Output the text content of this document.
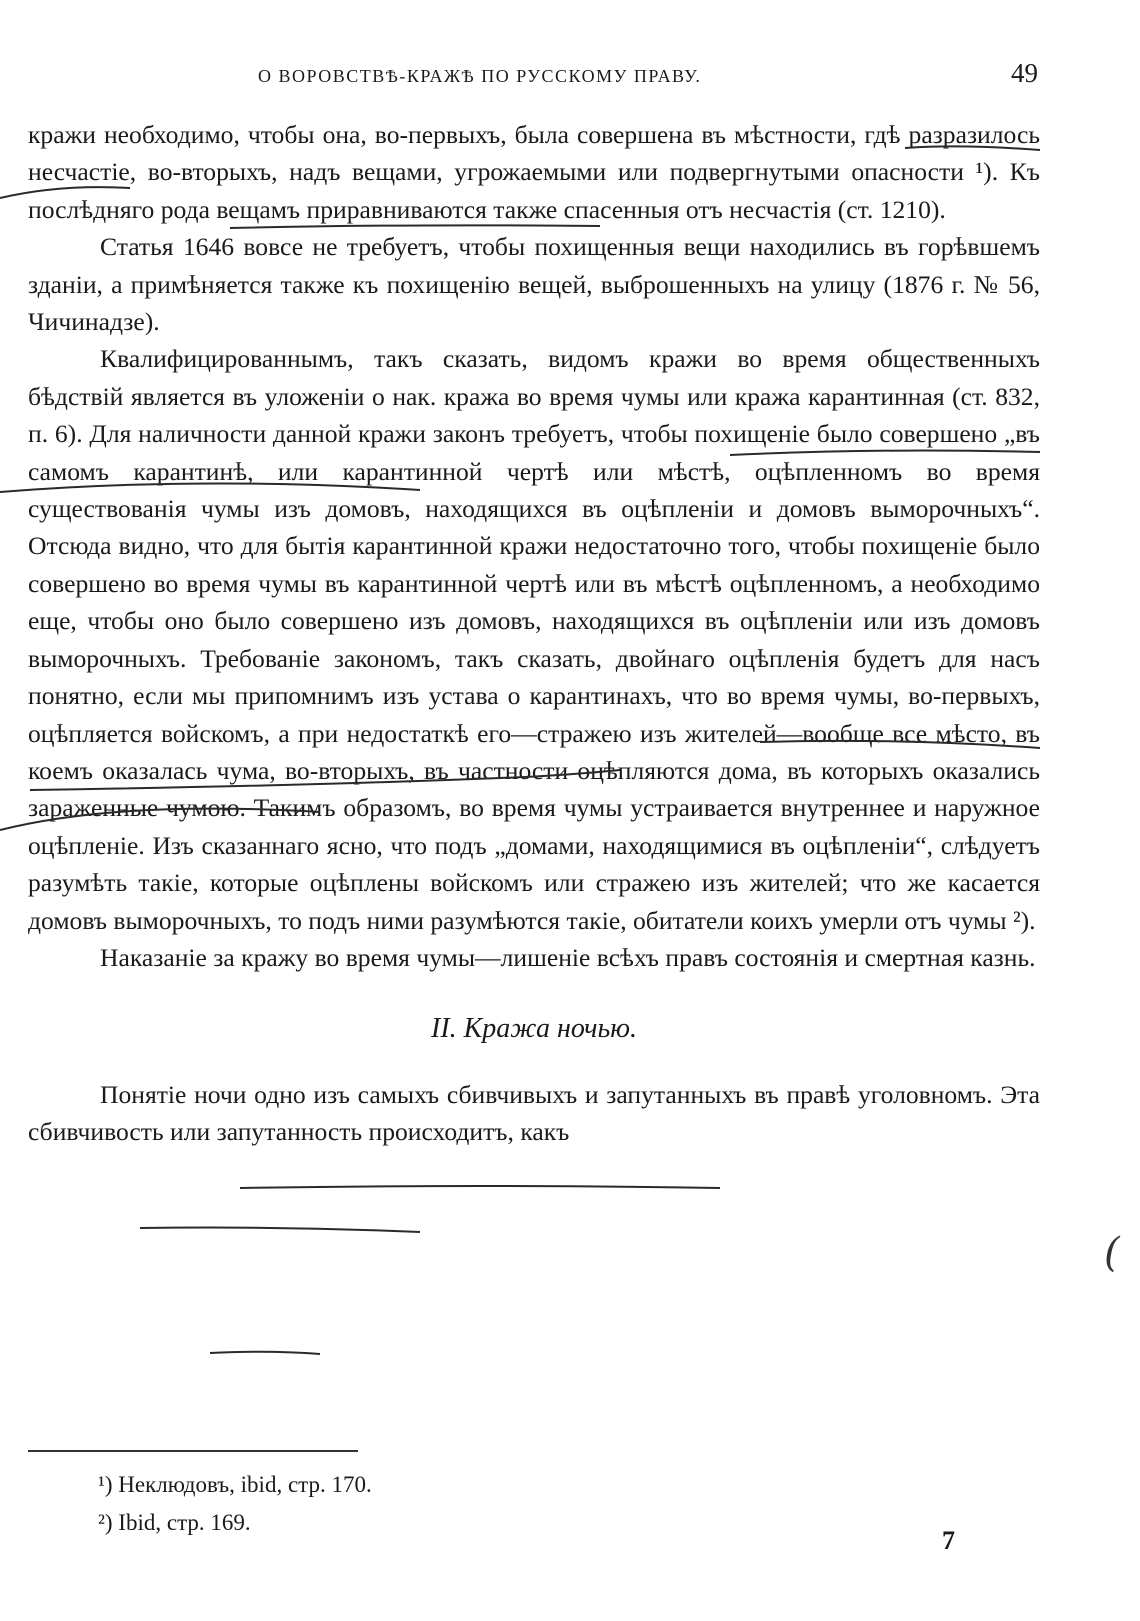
О ВОРОВСТВѢ-КРАЖѢ ПО РУССКОМУ ПРАВУ.	49

кражи необходимо, чтобы она, во-первыхъ, была совершена въ мѣстности, гдѣ разразилось несчастіе, во-вторыхъ, надъ вещами, угрожаемыми или подвергнутыми опасности ¹). Къ послѣдняго рода вещамъ приравниваются также спасенныя отъ несчастія (ст. 1210).

Статья 1646 вовсе не требуетъ, чтобы похищенныя вещи находились въ горѣвшемъ зданіи, а примѣняется также къ похищенію вещей, выброшенныхъ на улицу (1876 г. № 56, Чичинадзе).

Квалифицированнымъ, такъ сказать, видомъ кражи во время общественныхъ бѣдствій является въ уложеніи о нак. кража во время чумы или кража карантинная (ст. 832, п. 6). Для наличности данной кражи законъ требуетъ, чтобы похищеніе было совершено „въ самомъ карантинѣ, или карантинной чертѣ или мѣстѣ, оцѣпленномъ во время существованія чумы изъ домовъ, находящихся въ оцѣпленіи и домовъ выморочныхъ“. Отсюда видно, что для бытія карантинной кражи недостаточно того, чтобы похищеніе было совершено во время чумы въ карантинной чертѣ или въ мѣстѣ оцѣпленномъ, а необходимо еще, чтобы оно было совершено изъ домовъ, находящихся въ оцѣпленіи или изъ домовъ выморочныхъ. Требованіе закономъ, такъ сказать, двойнаго оцѣпленія будетъ для насъ понятно, если мы припомнимъ изъ устава о карантинахъ, что во время чумы, во-первыхъ, оцѣпляется войскомъ, а при недостаткѣ его—стражею изъ жителей—вообще все мѣсто, въ коемъ оказалась чума, во-вторыхъ, въ частности оцѣпляются дома, въ которыхъ оказались зараженные чумою. Такимъ образомъ, во время чумы устраивается внутреннее и наружное оцѣпленіе. Изъ сказаннаго ясно, что подъ „домами, находящимися въ оцѣпленіи“, слѣдуетъ разумѣть такіе, которые оцѣплены войскомъ или стражею изъ жителей; что же касается домовъ выморочныхъ, то подъ ними разумѣются такіе, обитатели коихъ умерли отъ чумы ²).

Наказаніе за кражу во время чумы—лишеніе всѣхъ правъ состоянія и смертная казнь.

II. Кража ночью.

Понятіе ночи одно изъ самыхъ сбивчивыхъ и запутанныхъ въ правѣ уголовномъ. Эта сбивчивость или запутанность происходитъ, какъ

¹) Неклюдовъ, ibid, стр. 170.
²) Ibid, стр. 169.
7
(
